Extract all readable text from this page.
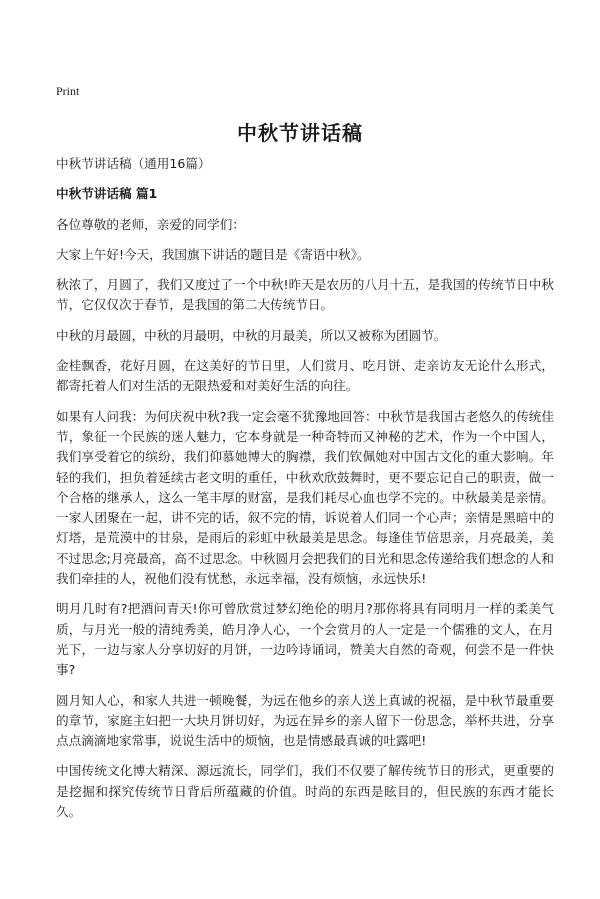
Print
中秋节讲话稿

中秋节讲话稿（通用16篇）

中秋节讲话稿 篇1

各位尊敬的老师，亲爱的同学们：

大家上午好!今天，我国旗下讲话的题目是《寄语中秋》。

秋浓了，月圆了，我们又度过了一个中秋!昨天是农历的八月十五，是我国的传统节日中秋节，它仅仅次于春节，是我国的第二大传统节日。

中秋的月最圆，中秋的月最明，中秋的月最美，所以又被称为团圆节。

金桂飘香，花好月圆，在这美好的节日里，人们赏月、吃月饼、走亲访友无论什么形式，都寄托着人们对生活的无限热爱和对美好生活的向往。

如果有人问我：为何庆祝中秋?我一定会毫不犹豫地回答：中秋节是我国古老悠久的传统佳节，象征一个民族的迷人魅力，它本身就是一种奇特而又神秘的艺术，作为一个中国人，我们享受着它的缤纷，我们仰慕她博大的胸襟，我们钦佩她对中国古文化的重大影响。年轻的我们，担负着延续古老文明的重任，中秋欢欣鼓舞时，更不要忘记自己的职责，做一个合格的继承人，这么一笔丰厚的财富，是我们耗尽心血也学不完的。中秋最美是亲情。一家人团聚在一起，讲不完的话，叙不完的情，诉说着人们同一个心声；亲情是黑暗中的灯塔，是荒漠中的甘泉，是雨后的彩虹中秋最美是思念。每逢佳节倍思亲，月亮最美，美不过思念;月亮最高，高不过思念。中秋圆月会把我们的目光和思念传递给我们想念的人和我们牵挂的人，祝他们没有忧愁，永远幸福，没有烦恼，永远快乐!

明月几时有?把酒问青天!你可曾欣赏过梦幻绝伦的明月?那你将具有同明月一样的柔美气质，与月光一般的清纯秀美，皓月净人心，一个会赏月的人一定是一个儒雅的文人，在月光下，一边与家人分享切好的月饼，一边吟诗诵词，赞美大自然的奇观，何尝不是一件快事?

圆月知人心，和家人共进一顿晚餐，为远在他乡的亲人送上真诚的祝福，是中秋节最重要的章节，家庭主妇把一大块月饼切好，为远在异乡的亲人留下一份思念，举杯共进，分享点点滴滴地家常事，说说生活中的烦恼，也是情感最真诚的吐露吧!

中国传统文化博大精深、源远流长，同学们，我们不仅要了解传统节日的形式，更重要的是挖掘和探究传统节日背后所蕴藏的价值。时尚的东西是眩目的，但民族的东西才能长久。
